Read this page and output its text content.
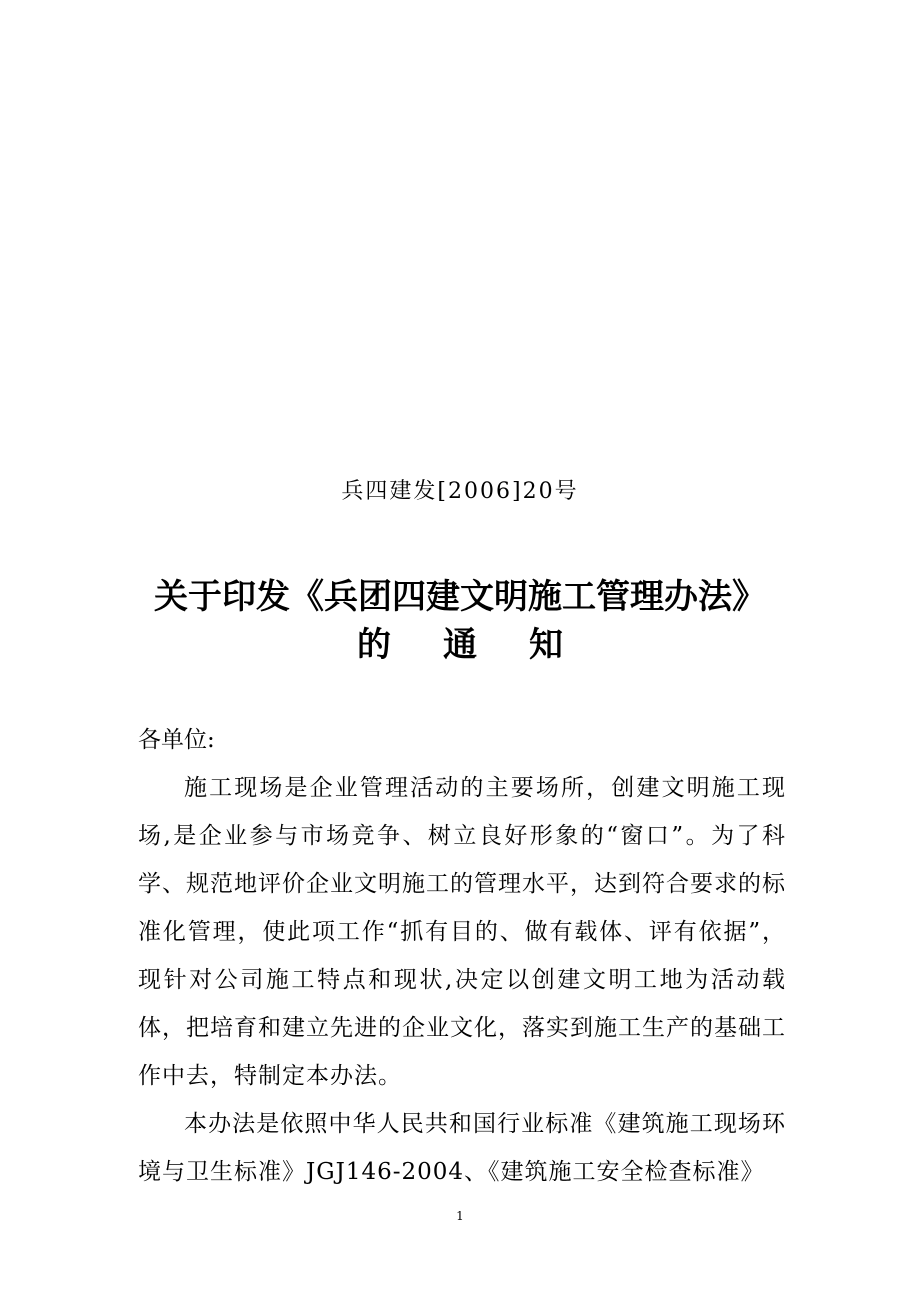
兵四建发[2006]20号
关于印发《兵团四建文明施工管理办法》
的 通 知
各单位:
施工现场是企业管理活动的主要场所，创建文明施工现场,是企业参与市场竞争、树立良好形象的“窗口”。为了科学、规范地评价企业文明施工的管理水平，达到符合要求的标准化管理，使此项工作“抓有目的、做有载体、评有依据”，现针对公司施工特点和现状,决定以创建文明工地为活动载体，把培育和建立先进的企业文化，落实到施工生产的基础工作中去，特制定本办法。
本办法是依照中华人民共和国行业标准《建筑施工现场环境与卫生标准》JGJ146-2004、《建筑施工安全检查标准》
1
